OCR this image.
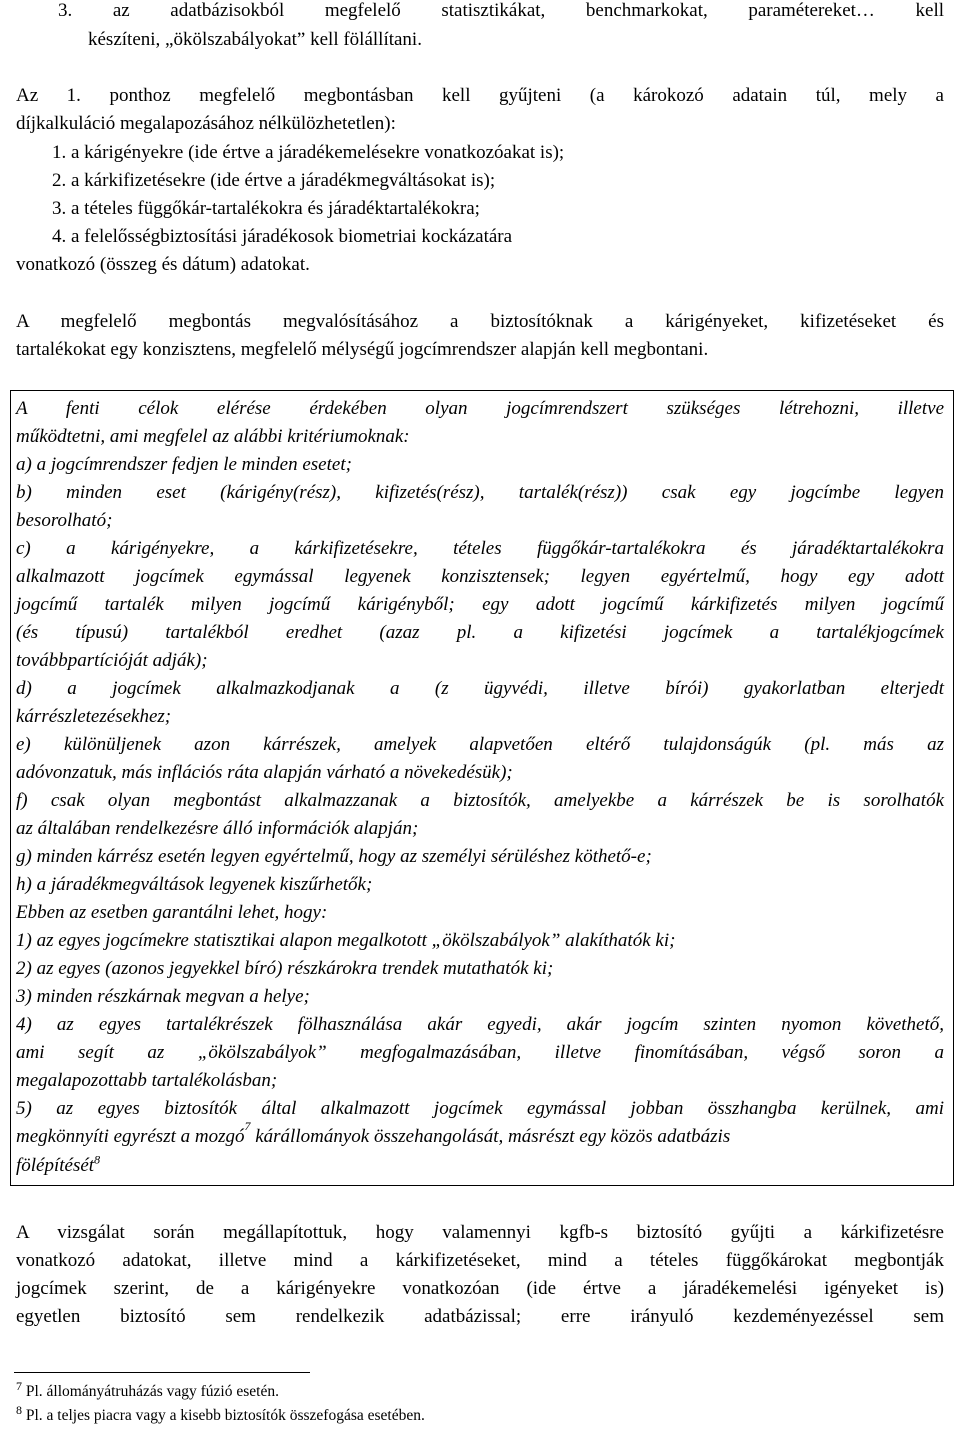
3. az adatbázisokból megfelelő statisztikákat, benchmarkokat, paramétereket… kell
készíteni, „ökölszabályokat” kell fölállítani.
Az 1. ponthoz megfelelő megbontásban kell gyűjteni (a károkozó adatain túl, mely a
díjkalkuláció megalapozásához nélkülözhetetlen):
1. a kárigényekre (ide értve a járadékemelésekre vonatkozóakat is);
2. a kárkifizetésekre (ide értve a járadékmegváltásokat is);
3. a tételes függőkár-tartalékokra és járadéktartalékokra;
4. a felelősségbiztosítási járadékosok biometriai kockázatára
vonatkozó (összeg és dátum) adatokat.
A megfelelő megbontás megvalósításához a biztosítóknak a kárigényeket, kifizetéseket és
tartalékokat egy konzisztens, megfelelő mélységű jogcímrendszer alapján kell megbontani.
A fenti célok elérése érdekében olyan jogcímrendszert szükséges létrehozni, illetve
működtetni, ami megfelel az alábbi kritériumoknak:
a) a jogcímrendszer fedjen le minden esetet;
b) minden eset (kárigény(rész), kifizetés(rész), tartalék(rész)) csak egy jogcímbe legyen
besorolható;
c) a kárigényekre, a kárkifizetésekre, tételes függőkár-tartalékokra és járadéktartalékokra
alkalmazott jogcímek egymással legyenek konzisztensek; legyen egyértelmű, hogy egy adott
jogcímű tartalék milyen jogcímű kárigényből; egy adott jogcímű kárkifizetés milyen jogcímű
(és típusú) tartalékból eredhet (azaz pl. a kifizetési jogcímek a tartalékjogcímek
továbbpartícióját adják);
d) a jogcímek alkalmazkodjanak a (z ügyvédi, illetve bírói) gyakorlatban elterjedt
kárrészletezésekhez;
e) különüljenek azon kárrészek, amelyek alapvetően eltérő tulajdonságúk (pl. más az
adóvonzatuk, más inflációs ráta alapján várható a növekedésük);
f) csak olyan megbontást alkalmazzanak a biztosítók, amelyekbe a kárrészek be is sorolhatók
az általában rendelkezésre álló információk alapján;
g) minden kárrész esetén legyen egyértelmű, hogy az személyi sérüléshez köthető-e;
h) a járadékmegváltások legyenek kiszűrhetők;
Ebben az esetben garantálni lehet, hogy:
1) az egyes jogcímekre statisztikai alapon megalkotott „ökölszabályok” alakíthatók ki;
2) az egyes (azonos jegyekkel bíró) részkárokra trendek mutathatók ki;
3) minden részkárnak megvan a helye;
4) az egyes tartalékrészek fölhasználása akár egyedi, akár jogcím szinten nyomon követhető,
ami segít az „ökölszabályok” megfogalmazásában, illetve finomításában, végső soron a
megalapozottabb tartalékolásban;
5) az egyes biztosítók által alkalmazott jogcímek egymással jobban összhangba kerülnek, ami
megkönnyíti egyrészt a mozgó 7 kárállományok összehangolását, másrészt egy közös adatbázis
fölépítését$^8$
A vizsgálat során megállapítottuk, hogy valamennyi kgfb-s biztosító gyűjti a kárkifizetésre
vonatkozó adatokat, illetve mind a kárkifizetéseket, mind a tételes függőkárokat megbontják
jogcímek szerint, de a kárigényekre vonatkozóan (ide értve a járadékemelési igényeket is)
egyetlen biztosító sem rendelkezik adatbázissal; erre irányuló kezdeményezéssel sem
$^7$ Pl. állományátruházás vagy fúzió esetén.
$^8$ Pl. a teljes piacra vagy a kisebb biztosítók összefogása esetében.
